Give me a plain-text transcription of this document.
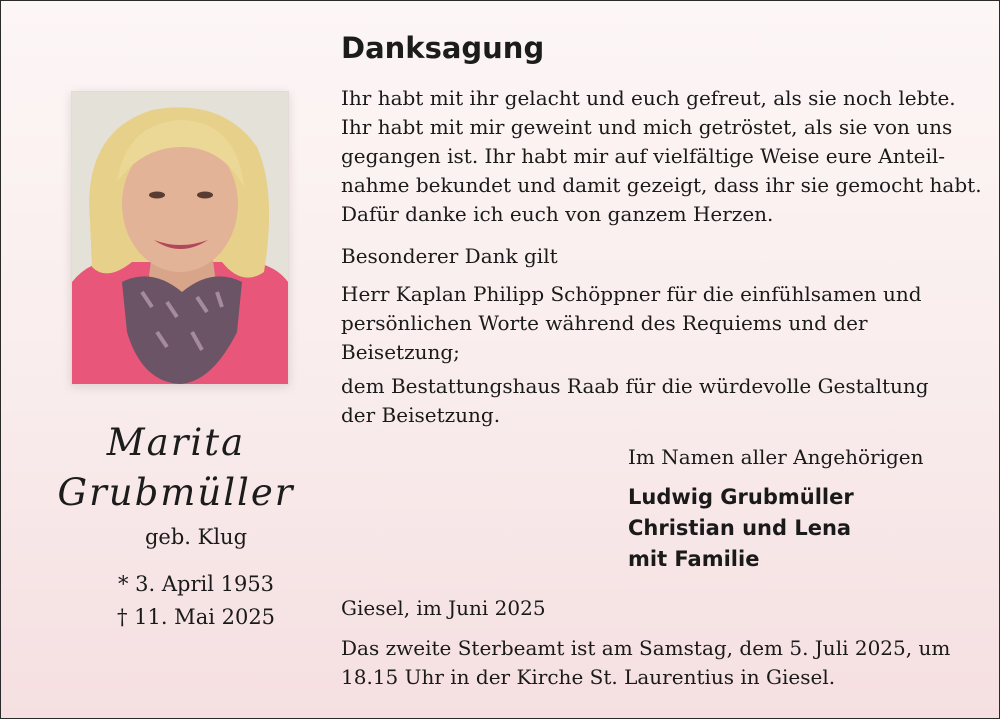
Marita
Grubmüller
geb. Klug
* 3. April 1953
† 11. Mai 2025
Danksagung
Ihr habt mit ihr gelacht und euch gefreut, als sie noch lebte.
Ihr habt mit mir geweint und mich getröstet, als sie von uns
gegangen ist. Ihr habt mir auf vielfältige Weise eure Anteil-
nahme bekundet und damit gezeigt, dass ihr sie gemocht habt.
Dafür danke ich euch von ganzem Herzen.
Besonderer Dank gilt
Herr Kaplan Philipp Schöppner für die einfühlsamen und
persönlichen Worte während des Requiems und der
Beisetzung;
dem Bestattungshaus Raab für die würdevolle Gestaltung
der Beisetzung.
Im Namen aller Angehörigen
Ludwig Grubmüller
Christian und Lena
mit Familie
Giesel, im Juni 2025
Das zweite Sterbeamt ist am Samstag, dem 5. Juli 2025, um
18.15 Uhr in der Kirche St. Laurentius in Giesel.
